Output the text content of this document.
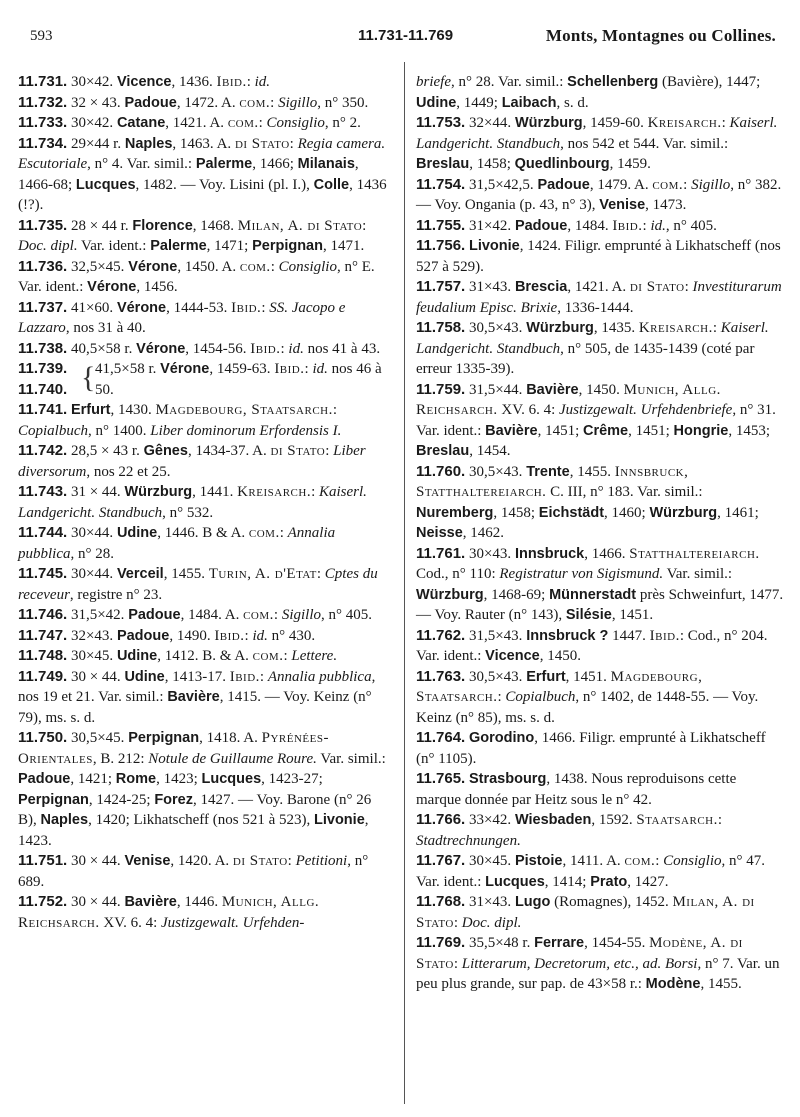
593	11.731-11.769	Monts, Montagnes ou Collines.

11.731. 30×42. Vicence, 1436. Ibid.: id.

11.732. 32 × 43. Padoue, 1472. A. com.: Sigillo, n° 350.

11.733. 30×42. Catane, 1421. A. com.: Consiglio, n° 2.

11.734. 29×44 r. Naples, 1463. A. di Stato: Regia camera. Escutoriale, n° 4. Var. simil.: Palerme, 1466; Milanais, 1466-68; Lucques, 1482. — Voy. Lisini (pl. I.), Colle, 1436 (!?).

11.735. 28 × 44 r. Florence, 1468. Milan, A. di Stato: Doc. dipl. Var. ident.: Palerme, 1471; Perpignan, 1471.

11.736. 32,5×45. Vérone, 1450. A. com.: Consiglio, n° E. Var. ident.: Vérone, 1456.

11.737. 41×60. Vérone, 1444-53. Ibid.: SS. Jacopo e Lazzaro, nos 31 à 40.

11.738. 40,5×58 r. Vérone, 1454-56. Ibid.: id. nos 41 à 43.

11.739.
11.740. { 41,5×58 r. Vérone, 1459-63. Ibid.: id. nos 46 à 50.

11.741. Erfurt, 1430. Magdebourg, Staatsarch.: Copialbuch, n° 1400. Liber dominorum Erfordensis I.

11.742. 28,5 × 43 r. Gênes, 1434-37. A. di Stato: Liber diversorum, nos 22 et 25.

11.743. 31 × 44. Würzburg, 1441. Kreisarch.: Kaiserl. Landgericht. Standbuch, n° 532.

11.744. 30×44. Udine, 1446. B & A. com.: Annalia pubblica, n° 28.

11.745. 30×44. Verceil, 1455. Turin, A. d'Etat: Cptes du receveur, registre n° 23.

11.746. 31,5×42. Padoue, 1484. A. com.: Sigillo, n° 405.

11.747. 32×43. Padoue, 1490. Ibid.: id. n° 430.

11.748. 30×45. Udine, 1412. B. & A. com.: Lettere.

11.749. 30 × 44. Udine, 1413-17. Ibid.: Annalia pubblica, nos 19 et 21. Var. simil.: Bavière, 1415. — Voy. Keinz (n° 79), ms. s. d.

11.750. 30,5×45. Perpignan, 1418. A. Pyrénées-Orientales, B. 212: Notule de Guillaume Roure. Var. simil.: Padoue, 1421; Rome, 1423; Lucques, 1423-27; Perpignan, 1424-25; Forez, 1427. — Voy. Barone (n° 26 B), Naples, 1420; Likhatscheff (nos 521 à 523), Livonie, 1423.

11.751. 30 × 44. Venise, 1420. A. di Stato: Petitioni, n° 689.

11.752. 30 × 44. Bavière, 1446. Munich, Allg. Reichsarch. XV. 6. 4: Justizgewalt. Urfehden-

briefe, n° 28. Var. simil.: Schellenberg (Bavière), 1447; Udine, 1449; Laibach, s. d.

11.753. 32×44. Würzburg, 1459-60. Kreisarch.: Kaiserl. Landgericht. Standbuch, nos 542 et 544. Var. simil.: Breslau, 1458; Quedlinbourg, 1459.

11.754. 31,5×42,5. Padoue, 1479. A. com.: Sigillo, n° 382. — Voy. Ongania (p. 43, n° 3), Venise, 1473.

11.755. 31×42. Padoue, 1484. Ibid.: id., n° 405.

11.756. Livonie, 1424. Filigr. emprunté à Likhatscheff (nos 527 à 529).

11.757. 31×43. Brescia, 1421. A. di Stato: Investiturarum feudalium Episc. Brixie, 1336-1444.

11.758. 30,5×43. Würzburg, 1435. Kreisarch.: Kaiserl. Landgericht. Standbuch, n° 505, de 1435-1439 (coté par erreur 1335-39).

11.759. 31,5×44. Bavière, 1450. Munich, Allg. Reichsarch. XV. 6. 4: Justizgewalt. Urfehdenbriefe, n° 31. Var. ident.: Bavière, 1451; Crême, 1451; Hongrie, 1453; Breslau, 1454.

11.760. 30,5×43. Trente, 1455. Innsbruck, Statthaltereiarch. C. III, n° 183. Var. simil.: Nuremberg, 1458; Eichstädt, 1460; Würzburg, 1461; Neisse, 1462.

11.761. 30×43. Innsbruck, 1466. Statthaltereiarch. Cod., n° 110: Registratur von Sigismund. Var. simil.: Würzburg, 1468-69; Münnerstadt près Schweinfurt, 1477. — Voy. Rauter (n° 143), Silésie, 1451.

11.762. 31,5×43. Innsbruck ? 1447. Ibid.: Cod., n° 204. Var. ident.: Vicence, 1450.

11.763. 30,5×43. Erfurt, 1451. Magdebourg, Staatsarch.: Copialbuch, n° 1402, de 1448-55. — Voy. Keinz (n° 85), ms. s. d.

11.764. Gorodino, 1466. Filigr. emprunté à Likhatscheff (n° 1105).

11.765. Strasbourg, 1438. Nous reproduisons cette marque donnée par Heitz sous le n° 42.

11.766. 33×42. Wiesbaden, 1592. Staatsarch.: Stadtrechnungen.

11.767. 30×45. Pistoie, 1411. A. com.: Consiglio, n° 47. Var. ident.: Lucques, 1414; Prato, 1427.

11.768. 31×43. Lugo (Romagnes), 1452. Milan, A. di Stato: Doc. dipl.

11.769. 35,5×48 r. Ferrare, 1454-55. Modène, A. di Stato: Litterarum, Decretorum, etc., ad. Borsi, n° 7. Var. un peu plus grande, sur pap. de 43×58 r.: Modène, 1455.
